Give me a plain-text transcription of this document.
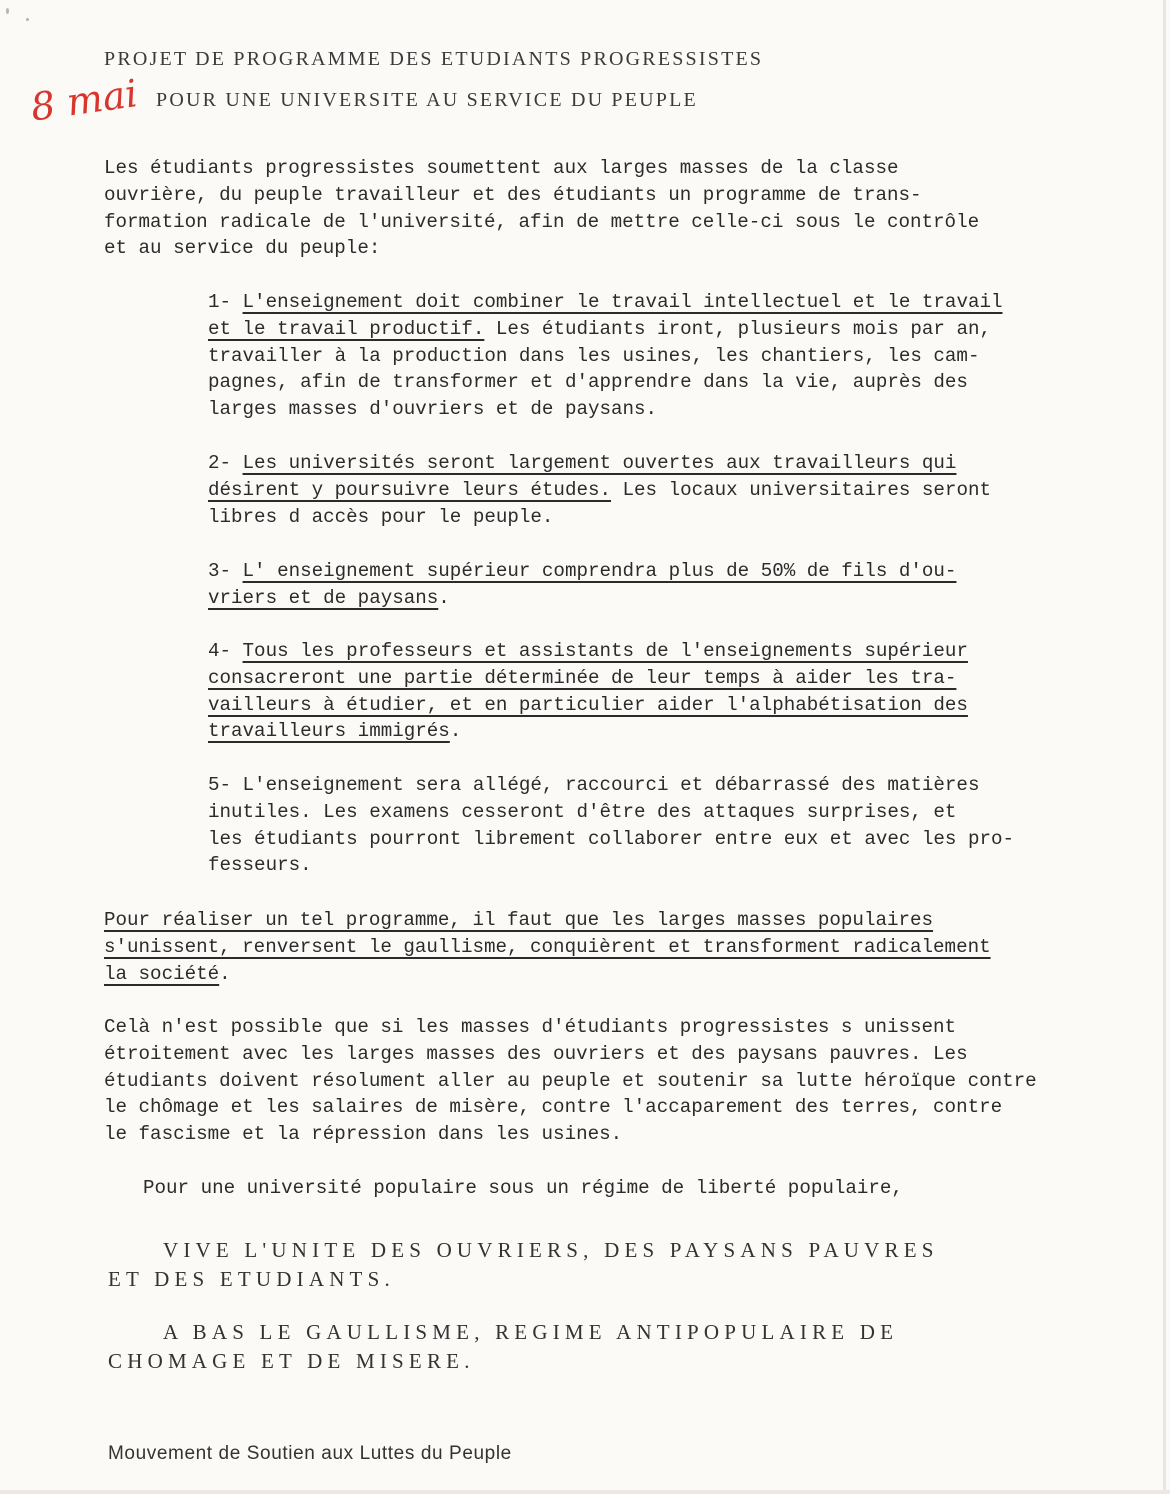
PROJET DE PROGRAMME DES ETUDIANTS PROGRESSISTES
POUR UNE UNIVERSITE AU SERVICE DU PEUPLE
8 mai
Les étudiants progressistes soumettent aux larges masses de la classe
ouvrière, du peuple travailleur et des étudiants un programme de trans-
formation radicale de l'université, afin de mettre celle-ci sous le contrôle
et au service du peuple:
1- L'enseignement doit combiner le travail intellectuel et le travail
et le travail productif. Les étudiants iront, plusieurs mois par an,
travailler à la production dans les usines, les chantiers, les cam-
pagnes, afin de transformer et d'apprendre dans la vie, auprès des
larges masses d'ouvriers et de paysans.
2- Les universités seront largement ouvertes aux travailleurs qui
désirent y poursuivre leurs études. Les locaux universitaires seront
libres d accès pour le peuple.
3- L' enseignement supérieur comprendra plus de 50% de fils d'ou-
vriers et de paysans.
4- Tous les professeurs et assistants de l'enseignements supérieur
consacreront une partie déterminée de leur temps à aider les tra-
vailleurs à étudier, et en particulier aider l'alphabétisation des
travailleurs immigrés.
5- L'enseignement sera allégé, raccourci et débarrassé des matières
inutiles. Les examens cesseront d'être des attaques surprises, et
les étudiants pourront librement collaborer entre eux et avec les pro-
fesseurs.
Pour réaliser un tel programme, il faut que les larges masses populaires
s'unissent, renversent le gaullisme, conquièrent et transforment radicalement
la société.
Celà n'est possible que si les masses d'étudiants progressistes s unissent
étroitement avec les larges masses des ouvriers et des paysans pauvres. Les
étudiants doivent résolument aller au peuple et soutenir sa lutte héroïque contre
le chômage et les salaires de misère, contre l'accaparement des terres, contre
le fascisme et la répression dans les usines.
Pour une université populaire sous un régime de liberté populaire,
VIVE L'UNITE DES OUVRIERS, DES PAYSANS PAUVRES
ET DES ETUDIANTS.
A BAS LE GAULLISME, REGIME ANTIPOPULAIRE DE
CHOMAGE ET DE MISERE.
Mouvement de Soutien aux Luttes du Peuple
